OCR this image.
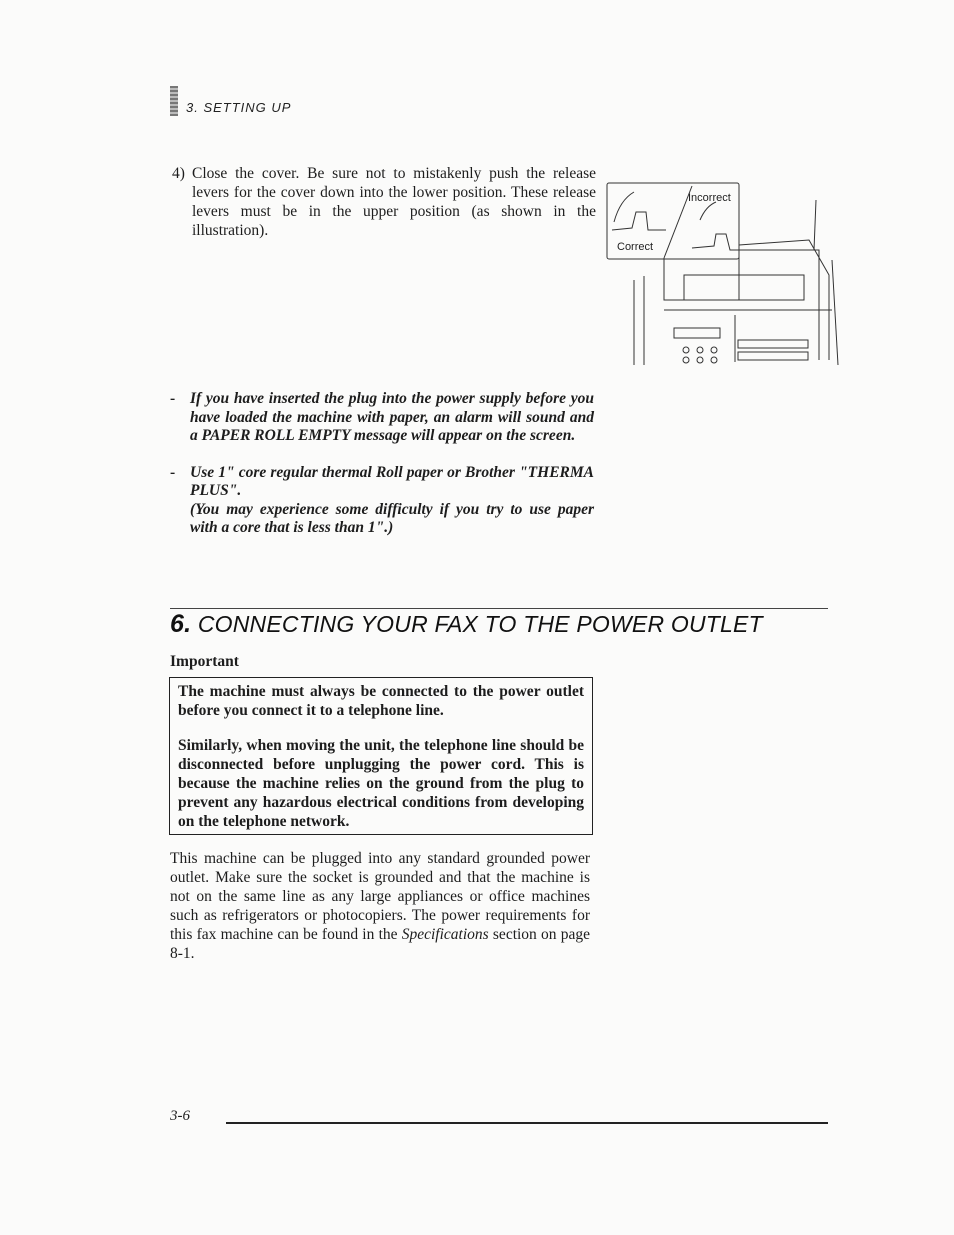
3. SETTING UP
4) Close the cover. Be sure not to mistakenly push the release levers for the cover down into the lower position. These release levers must be in the upper position (as shown in the illustration).
Incorrect
Correct
- If you have inserted the plug into the power supply before you have loaded the machine with paper, an alarm will sound and a PAPER ROLL EMPTY message will appear on the screen.

- Use 1" core regular thermal Roll paper or Brother "THERMA PLUS".

(You may experience some difficulty if you try to use paper with a core that is less than 1".)

6. CONNECTING YOUR FAX TO THE POWER OUTLET
Important

The machine must always be connected to the power outlet before you connect it to a telephone line.

Similarly, when moving the unit, the telephone line should be disconnected before unplugging the power cord. This is because the machine relies on the ground from the plug to prevent any hazardous electrical conditions from developing on the telephone network.

This machine can be plugged into any standard grounded power outlet. Make sure the socket is grounded and that the machine is not on the same line as any large appliances or office machines such as refrigerators or photocopiers. The power requirements for this fax machine can be found in the Specifications section on page 8-1.
3-6
